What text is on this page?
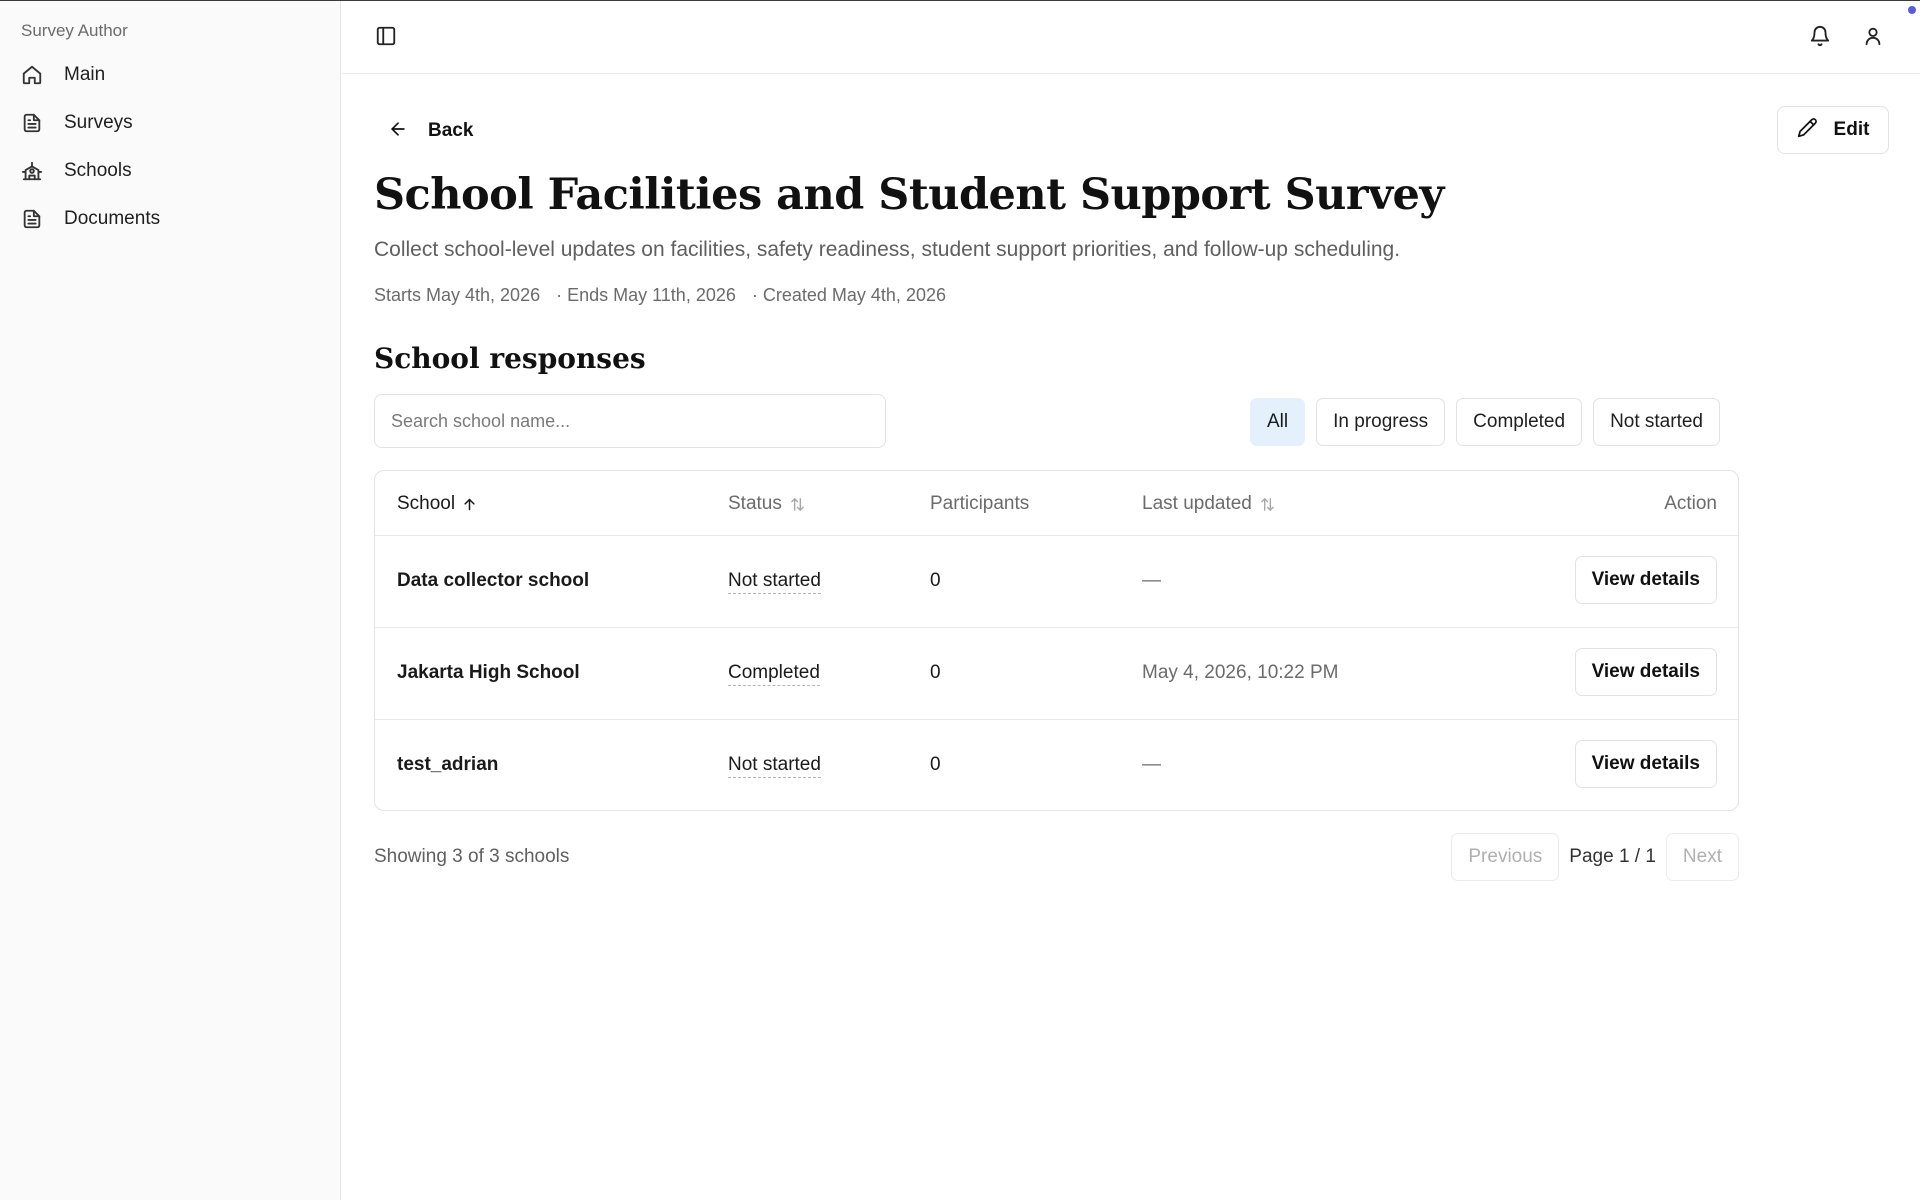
Survey Author
Main
Surveys
Schools
Documents
Back	Edit
School Facilities and Student Support Survey

Collect school-level updates on facilities, safety readiness, student support priorities, and follow-up scheduling.

Starts May 4th, 2026 · Ends May 11th, 2026 · Created May 4th, 2026
School responses
Search school name...
All	In progress	Completed	Not started
School	Status	Participants	Last updated	Action
Data collector school	Not started	0	—	View details
Jakarta High School	Completed	0	May 4, 2026, 10:22 PM	View details
test_adrian	Not started	0	—	View details
Showing 3 of 3 schools	Previous	Page 1 / 1	Next
